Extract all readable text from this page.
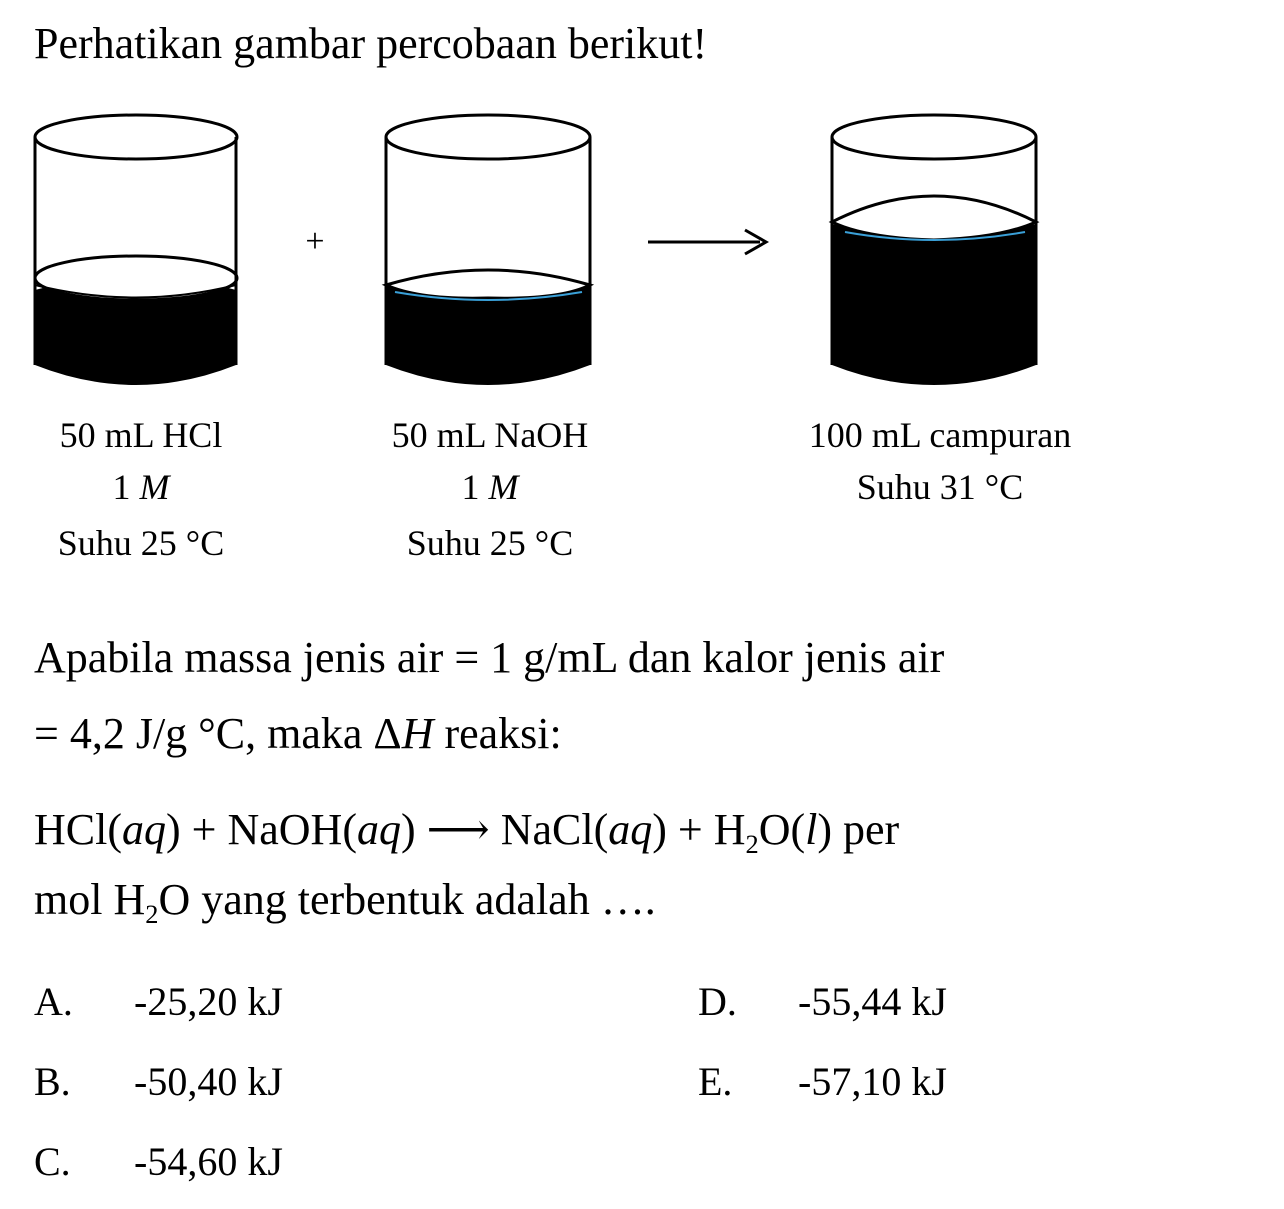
Perhatikan gambar percobaan berikut!
+
50 mL HCl
1 M
Suhu 25 °C
50 mL NaOH
1 M
Suhu 25 °C
100 mL campuran
Suhu 31 °C
Apabila massa jenis air = 1 g/mL dan kalor jenis air
= 4,2 J/g °C, maka ΔH reaksi:
HCl(aq) + NaOH(aq) ⟶ NaCl(aq) + $H_2O(l)$ per
mol $H_2O$ yang terbentuk adalah ….
A. -25,20 kJ
B. -50,40 kJ
C. -54,60 kJ
D. -55,44 kJ
E. -57,10 kJ
